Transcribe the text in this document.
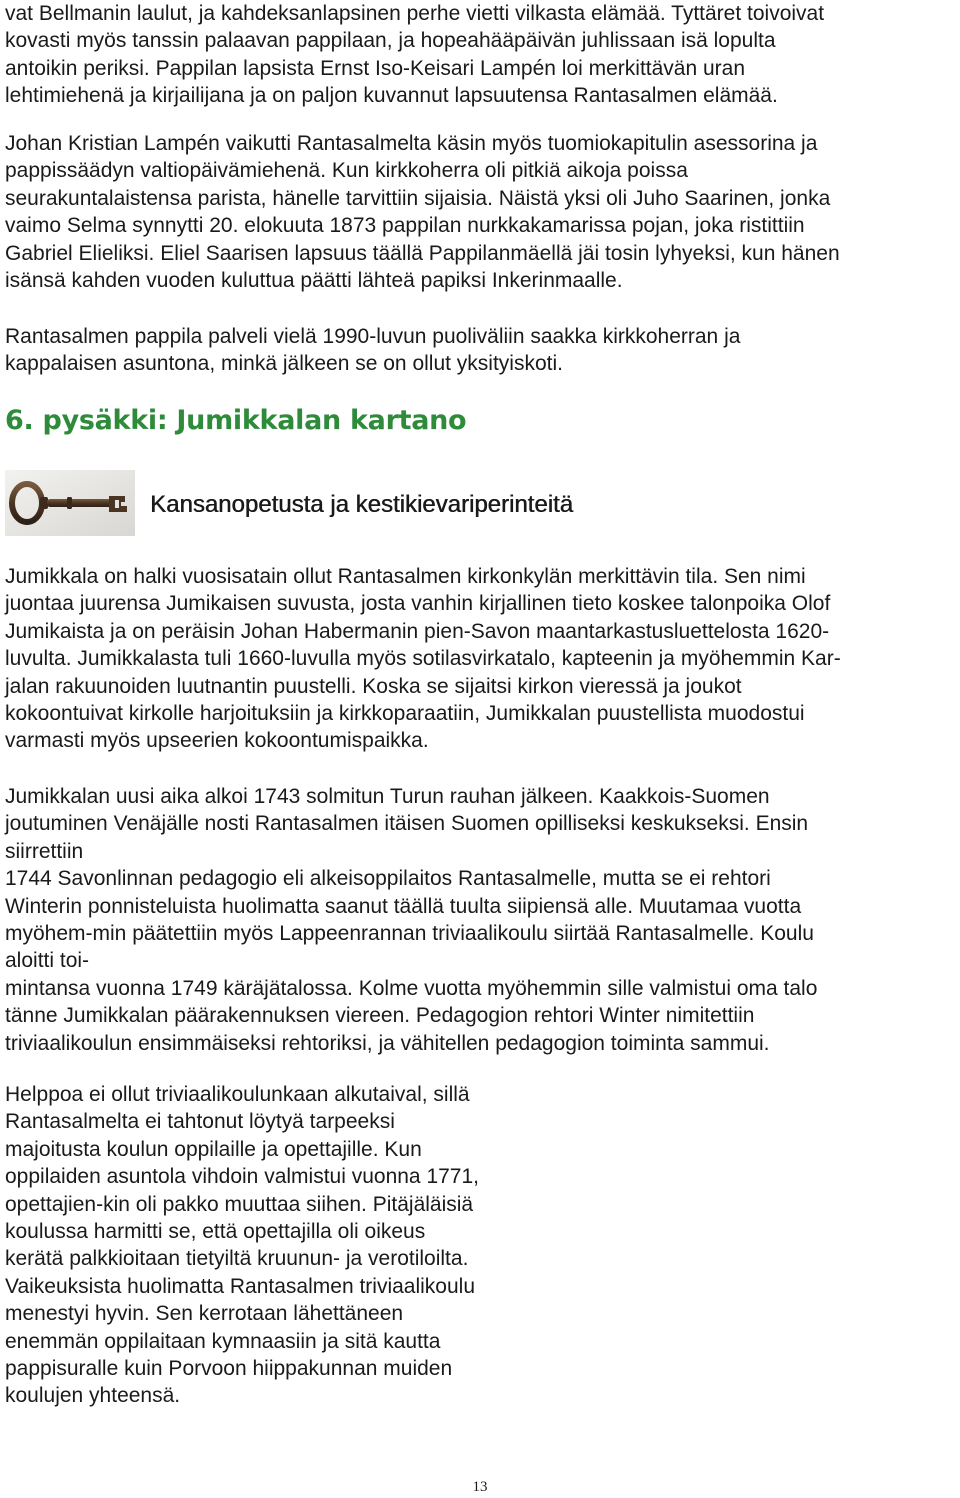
vat Bellmanin laulut, ja kahdeksanlapsinen perhe vietti vilkasta elämää. Tyttäret toivoivat
kovasti myös tanssin palaavan pappilaan, ja hopeahääpäivän juhlissaan isä lopulta
antoikin periksi. Pappilan lapsista Ernst Iso-Keisari Lampén loi merkittävän uran
lehtimiehenä ja kirjailijana ja on paljon kuvannut lapsuutensa Rantasalmen elämää.

Johan Kristian Lampén vaikutti Rantasalmelta käsin myös tuomiokapitulin asessorina ja
pappissäädyn valtiopäivämiehenä. Kun kirkkoherra oli pitkiä aikoja poissa
seurakuntalaistensa parista, hänelle tarvittiin sijaisia. Näistä yksi oli Juho Saarinen, jonka
vaimo Selma synnytti 20. elokuuta 1873 pappilan nurkkakamarissa pojan, joka ristittiin
Gabriel Elieliksi. Eliel Saarisen lapsuus täällä Pappilanmäellä jäi tosin lyhyeksi, kun hänen
isänsä kahden vuoden kuluttua päätti lähteä papiksi Inkerinmaalle.

Rantasalmen pappila palveli vielä 1990-luvun puoliväliin saakka kirkkoherran ja
kappalaisen asuntona, minkä jälkeen se on ollut yksityiskoti.

6. pysäkki: Jumikkalan kartano
Kansanopetusta ja kestikievariperinteitä

Jumikkala on halki vuosisatain ollut Rantasalmen kirkonkylän merkittävin tila. Sen nimi
juontaa juurensa Jumikaisen suvusta, josta vanhin kirjallinen tieto koskee talonpoika Olof
Jumikaista ja on peräisin Johan Habermanin pien-Savon maantarkastusluettelosta 1620-
luvulta. Jumikkalasta tuli 1660-luvulla myös sotilasvirkatalo, kapteenin ja myöhemmin Kar-
jalan rakuunoiden luutnantin puustelli. Koska se sijaitsi kirkon vieressä ja joukot
kokoontuivat kirkolle harjoituksiin ja kirkkoparaatiin, Jumikkalan puustellista muodostui
varmasti myös upseerien kokoontumispaikka.

Jumikkalan uusi aika alkoi 1743 solmitun Turun rauhan jälkeen. Kaakkois-Suomen
joutuminen Venäjälle nosti Rantasalmen itäisen Suomen opilliseksi keskukseksi. Ensin
siirrettiin
1744 Savonlinnan pedagogio eli alkeisoppilaitos Rantasalmelle, mutta se ei rehtori
Winterin ponnisteluista huolimatta saanut täällä tuulta siipiensä alle. Muutamaa vuotta
myöhem-min päätettiin myös Lappeenrannan triviaalikoulu siirtää Rantasalmelle. Koulu
aloitti toi-
mintansa vuonna 1749 käräjätalossa. Kolme vuotta myöhemmin sille valmistui oma talo
tänne Jumikkalan päärakennuksen viereen. Pedagogion rehtori Winter nimitettiin
triviaalikoulun ensimmäiseksi rehtoriksi, ja vähitellen pedagogion toiminta sammui.

Helppoa ei ollut triviaalikoulunkaan alkutaival, sillä
Rantasalmelta ei tahtonut löytyä tarpeeksi
majoitusta koulun oppilaille ja opettajille. Kun
oppilaiden asuntola vihdoin valmistui vuonna 1771,
opettajien-kin oli pakko muuttaa siihen. Pitäjäläisiä
koulussa harmitti se, että opettajilla oli oikeus
kerätä palkkioitaan tietyiltä kruunun- ja verotiloilta.
Vaikeuksista huolimatta Rantasalmen triviaalikoulu
menestyi hyvin. Sen kerrotaan lähettäneen
enemmän oppilaitaan kymnaasiin ja sitä kautta
pappisuralle kuin Porvoon hiippakunnan muiden
koulujen yhteensä.

13
